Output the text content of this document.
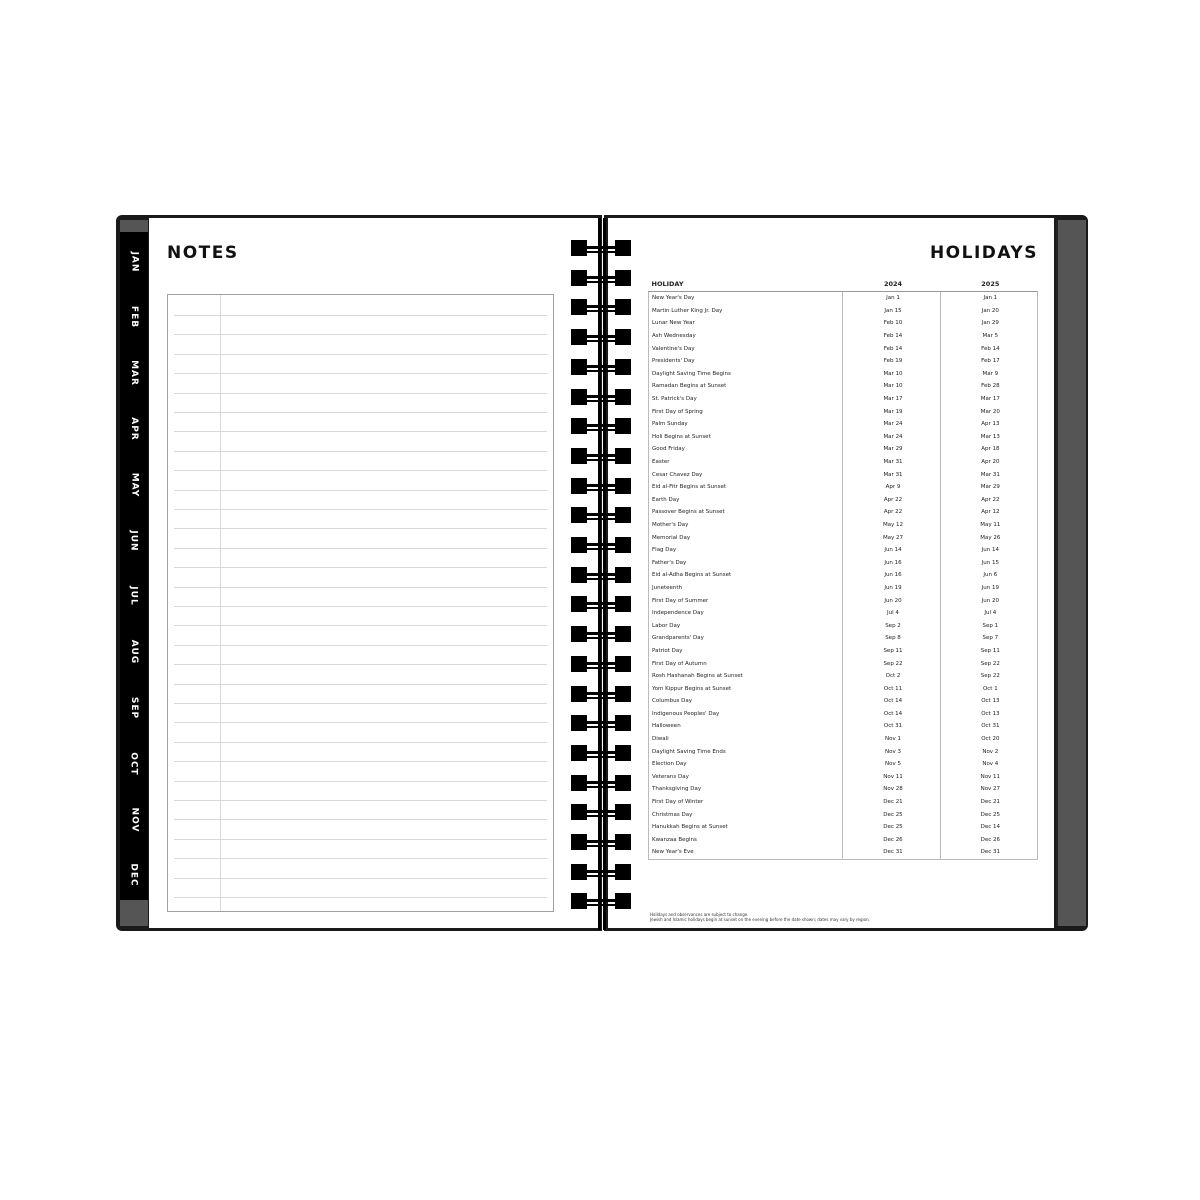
JAN
FEB
MAR
APR
MAY
JUN
JUL
AUG
SEP
OCT
NOV
DEC
NOTES	HOLIDAYS
HOLIDAY	2024	2025
New Year's Day	Jan 1	Jan 1
Martin Luther King Jr. Day	Jan 15	Jan 20
Lunar New Year	Feb 10	Jan 29
Ash Wednesday	Feb 14	Mar 5
Valentine's Day	Feb 14	Feb 14
Presidents' Day	Feb 19	Feb 17
Daylight Saving Time Begins	Mar 10	Mar 9
Ramadan Begins at Sunset	Mar 10	Feb 28
St. Patrick's Day	Mar 17	Mar 17
First Day of Spring	Mar 19	Mar 20
Palm Sunday	Mar 24	Apr 13
Holi Begins at Sunset	Mar 24	Mar 13
Good Friday	Mar 29	Apr 18
Easter	Mar 31	Apr 20
Cesar Chavez Day	Mar 31	Mar 31
Eid al-Fitr Begins at Sunset	Apr 9	Mar 29
Earth Day	Apr 22	Apr 22
Passover Begins at Sunset	Apr 22	Apr 12
Mother's Day	May 12	May 11
Memorial Day	May 27	May 26
Flag Day	Jun 14	Jun 14
Father's Day	Jun 16	Jun 15
Eid al-Adha Begins at Sunset	Jun 16	Jun 6
Juneteenth	Jun 19	Jun 19
First Day of Summer	Jun 20	Jun 20
Independence Day	Jul 4	Jul 4
Labor Day	Sep 2	Sep 1
Grandparents' Day	Sep 8	Sep 7
Patriot Day	Sep 11	Sep 11
First Day of Autumn	Sep 22	Sep 22
Rosh Hashanah Begins at Sunset	Oct 2	Sep 22
Yom Kippur Begins at Sunset	Oct 11	Oct 1
Columbus Day	Oct 14	Oct 13
Indigenous Peoples' Day	Oct 14	Oct 13
Halloween	Oct 31	Oct 31
Diwali	Nov 1	Oct 20
Daylight Saving Time Ends	Nov 3	Nov 2
Election Day	Nov 5	Nov 4
Veterans Day	Nov 11	Nov 11
Thanksgiving Day	Nov 28	Nov 27
First Day of Winter	Dec 21	Dec 21
Christmas Day	Dec 25	Dec 25
Hanukkah Begins at Sunset	Dec 25	Dec 14
Kwanzaa Begins	Dec 26	Dec 26
New Year's Eve	Dec 31	Dec 31
Holidays and observances are subject to change.
Jewish and Islamic holidays begin at sunset on the evening before the date shown; dates may vary by region.
